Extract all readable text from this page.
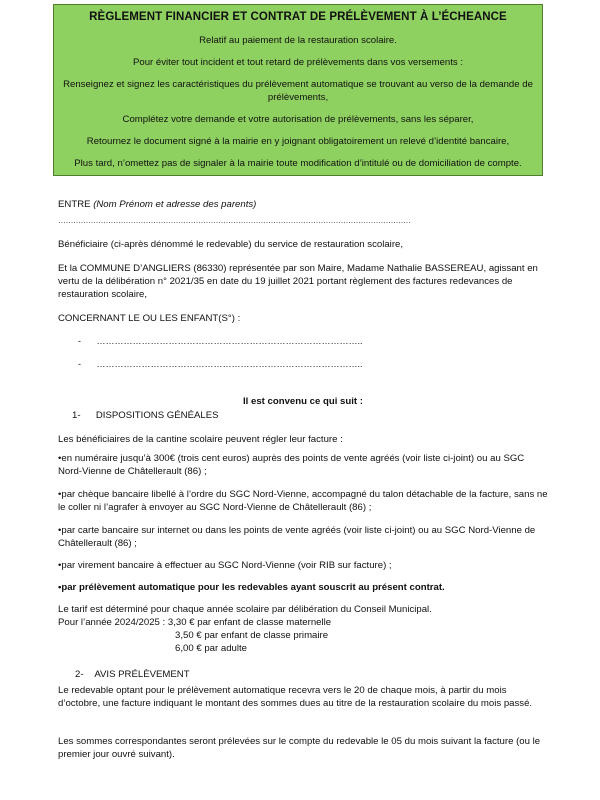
RÈGLEMENT FINANCIER ET CONTRAT DE PRÉLÈVEMENT À L’ÉCHEANCE

Relatif au paiement de la restauration scolaire.

Pour éviter tout incident et tout retard de prélèvements dans vos versements :

Renseignez et signez les caractéristiques du prélèvement automatique se trouvant au verso de la demande de prélèvements,

Complétez votre demande et votre autorisation de prélèvements, sans les séparer,

Retournez le document signé à la mairie en y joignant obligatoirement un relevé d’identité bancaire,

Plus tard, n’omettez pas de signaler à la mairie toute modification d’intitulé ou de domiciliation de compte.

ENTRE (Nom Prénom et adresse des parents)
……………………………………………………………………………………………………………………………
Bénéficiaire (ci-après dénommé le redevable) du service de restauration scolaire,
Et la COMMUNE D’ANGLIERS (86330) représentée par son Maire, Madame Nathalie BASSEREAU, agissant en vertu de la délibération n° 2021/35 en date du 19 juillet 2021 portant règlement des factures redevances de restauration scolaire,
CONCERNANT LE OU LES ENFANT(S°) :
- ……………………………………………………………………………..
- ……………………………………………………………………………..
Il est convenu ce qui suit :
1- DISPOSITIONS GÉNÉALES
Les bénéficiaires de la cantine scolaire peuvent régler leur facture :
•en numéraire jusqu’à 300€ (trois cent euros) auprès des points de vente agréés (voir liste ci-joint) ou au SGC Nord-Vienne de Châtellerault (86) ;
•par chèque bancaire libellé à l’ordre du SGC Nord-Vienne, accompagné du talon détachable de la facture, sans ne le coller ni l’agrafer à envoyer au SGC Nord-Vienne de Châtellerault (86) ;
•par carte bancaire sur internet ou dans les points de vente agréés (voir liste ci-joint) ou au SGC Nord-Vienne de Châtellerault (86) ;
•par virement bancaire à effectuer au SGC Nord-Vienne (voir RIB sur facture) ;
•par prélèvement automatique pour les redevables ayant souscrit au présent contrat.
Le tarif est déterminé pour chaque année scolaire par délibération du Conseil Municipal.
Pour l’année 2024/2025 : 3,30 € par enfant de classe maternelle
3,50 € par enfant de classe primaire
6,00 € par adulte
2- AVIS PRÉLÈVEMENT
Le redevable optant pour le prélèvement automatique recevra vers le 20 de chaque mois, à partir du mois d’octobre, une facture indiquant le montant des sommes dues au titre de la restauration scolaire du mois passé.
Les sommes correspondantes seront prélevées sur le compte du redevable le 05 du mois suivant la facture (ou le premier jour ouvré suivant).
